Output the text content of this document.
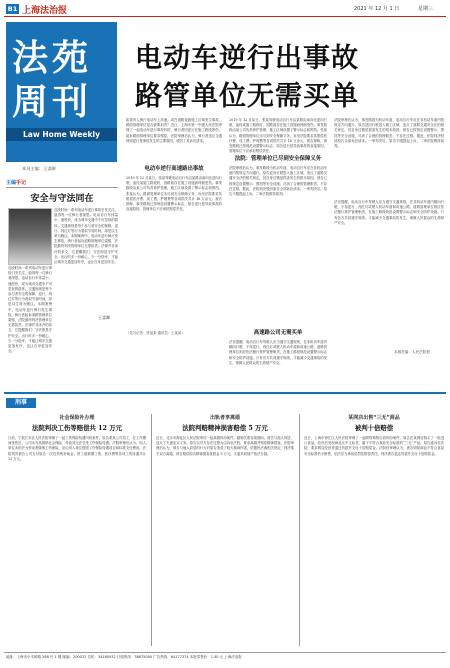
B1 上海法治报	2021 年 12 月 1 日	星期三
法苑
周刊
Law Home Weekly
本刊主编：王睿卿
电动车逆行出事故
路管单位无需买单
主编手记
安全与守法同在
近段时间一系列电动车逆行事故引发关注，值得每一位骑行者深思。电动自行车体量小、速度快，成为城市交通中不可忽视的群体。交通规则是每个参与者安全的保障，逆行、闯红灯等行为看似节省时间，却是以生命为赌注。本期案例中，电动车逆行骑行发生事故，骑行者起诉道路管理单位索赔，法院最终判决管理单位无需担责。法律并非冰冷的条文，它提醒我们：守法即是守护安全。出行时多一份耐心，少一分侥幸，才能让城市交通更加有序，也让自身更加安全。
近段时间一系列电动车逆行事故引发关注，值得每一位骑行者深思。电动自行车体量小、速度快，成为城市交通中不可忽视的群体。交通规则是每个参与者安全的保障，逆行、闯红灯等行为看似节省时间，却是以生命为赌注。本期案例中，电动车逆行骑行发生事故，骑行者起诉道路管理单位索赔，法院最终判决管理单位无需担责。法律并非冰冷的条文，它提醒我们：守法即是守护安全。出行时多一份耐心，少一分侥幸，才能让城市交通更加有序，也让自身更加安全。
王睿卿
如果有人骑行电动车上高速，或在道路设施施工区域发生事故，路面管理单位是否需要担责？近日，上海市第一中级人民法院审理了一起电动车逆行事故纠纷，骑行者因逆行在施工路段摔伤，起诉路面管理单位要求赔偿，法院审理后认为，骑行者违反交通规则逆行是事故发生的主要原因，驳回了其诉讼请求。
电动车逆行高速路出事故
2019 年 12 月某日，张某驾驶电动自行车沿某路由南向北逆向行驶，途经某施工路段时，因路面存在施工设施而摔倒受伤。事发路段由某公司负责养护管理，施工区域设置了警示标志和围挡。张某认为，路面管理单位未尽到安全保障义务，诉至法院要求其赔偿医疗费、误工费、护理费等各项损失共计 16 万余元。被告辩称，事发路段已按规范设置警示标志，原告逆行是导致事故的直接原因，管理单位不应承担赔偿责任。
2019 年 12 月某日，张某驾驶电动自行车沿某路由南向北逆向行驶，途经某施工路段时，因路面存在施工设施而摔倒受伤。事发路段由某公司负责养护管理，施工区域设置了警示标志和围挡。张某认为，路面管理单位未尽到安全保障义务，诉至法院要求其赔偿医疗费、误工费、护理费等各项损失共计 16 万余元。被告辩称，事发路段已按规范设置警示标志，原告逆行是导致事故的直接原因，管理单位不应承担赔偿责任。
法院：管理单位已尽到安全保障义务
法院审理后认为，事发路段为机动车道，电动自行车应在非机动车道内按规定方向通行。原告逆向行驶进入施工区域，违反了道路交通安全法的相关规定，其自身过错是损害发生的根本原因。被告已按规定设置警示、围挡等安全设施，尽到了合理的管理职责，不存在过错。据此，法院判决驳回原告全部诉讼请求。一审判决后，原告不服提起上诉，二审法院维持原判。
法院审理后认为，事发路段为机动车道，电动自行车应在非机动车道内按规定方向通行。原告逆向行驶进入施工区域，违反了道路交通安全法的相关规定，其自身过错是损害发生的根本原因。被告已按规定设置警示、围挡等安全设施，尽到了合理的管理职责，不存在过错。据此，法院判决驳回原告全部诉讼请求。一审判决后，原告不服提起上诉，二审法院维持原判。
高速路公司无需买单
法官提醒，电动自行车驾驶人应当遵守交通规则，在非机动车道内顺向行驶，不得逆行、闯红灯或驶入机动车道和高速公路。道路管理单位则应依法履行养护管理职责，在施工路段规范设置警示标志和安全防护设施。只有各方共同遵守规则，才能减少交通事故的发生，保障人民群众的生命财产安全。
法官提醒，电动自行车驾驶人应当遵守交通规则，在非机动车道内顺向行驶，不得逆行、闯红灯或驶入机动车道和高速公路。道路管理单位则应依法履行养护管理职责，在施工路段规范设置警示标志和安全防护设施。只有各方共同遵守规则，才能减少交通事故的发生，保障人民群众的生命财产安全。
（见习记者：张某某 通讯员：王某某）
本版责编：人民法院报
刑事
社会保险补办理
法院判决工伤等赔偿共 12 万元
日前，宁波江东区人民法院审理了一起工伤保险待遇纠纷案件。原告系某公司员工，在工作期间受伤后，公司未为其缴纳社会保险，导致其无法享受工伤保险待遇。法院审理后认为，用人单位未依法为劳动者缴纳工伤保险，应由用人单位按照工伤保险待遇项目和标准支付费用。法院判决被告公司支付原告一次性伤残补助金、停工留薪期工资、医疗费等各项工伤待遇共计 12 万元。
出轨者享离婚
法院判赔精神损害赔偿 5 万元
近日，北京市海淀区人民法院审结一起离婚纠纷案件。婚姻关系存续期间，被告与他人同居，违反了夫妻忠实义务。原告以对方存在过错为由诉至法院，要求离婚并赔偿精神损害。法院审理后认为，被告与他人同居的行为对原告造成了较大精神伤害，依据民法典相关规定，判决准予双方离婚，被告赔偿原告精神损害抚慰金 5 万元，夫妻共同财产依法分割。
某网店出售“三无”商品
被判十倍赔偿
近日，上海市徐汇区人民法院审理了一起网络购物合同纠纷案件。原告在某网店购买了一批进口食品，收货后发现商品无中文标签，属于不符合食品安全标准的“三无”产品。原告遂诉至法院，要求网店经营者退还货款并支付十倍赔偿金。法院经审理认为，被告明知商品不符合食品安全标准仍予销售，依法应当承担惩罚性赔偿责任，判决被告退还货款并支付十倍赔偿金。
地址：上海市小木桥路 268 号 1 楼 邮编：200032 总机：34160932 订阅热线：38875000 广告热线：64177374 本报零售价：1.50 元 上海法治报
